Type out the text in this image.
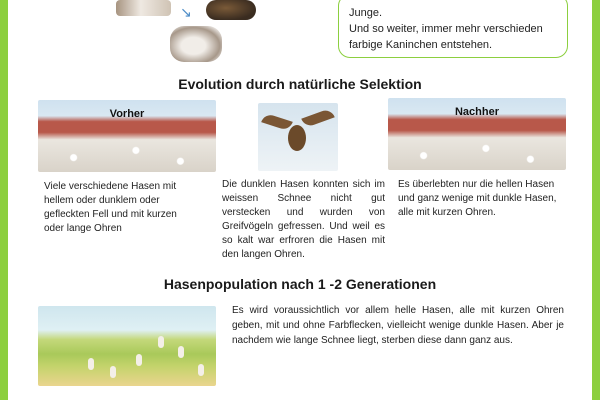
↘	Junge.
Und so weiter, immer mehr verschieden
farbige Kaninchen entstehen.
Evolution durch natürliche Selektion
Vorher	Nachher
Viele verschiedene Hasen mit hellem oder dunklem oder gefleckten Fell und mit kurzen oder lange Ohren
Die dunklen Hasen konnten sich im weissen Schnee nicht gut verstecken und wurden von Greifvögeln gefressen. Und weil es so kalt war erfroren die Hasen mit den langen Ohren.
Es überlebten nur die hellen Hasen und ganz wenige mit dunkle Hasen, alle mit kurzen Ohren.
Hasenpopulation nach 1 -2 Generationen
Es wird voraussichtlich vor allem helle Hasen, alle mit kurzen Ohren geben, mit und ohne Farbflecken, vielleicht wenige dunkle Hasen. Aber je nachdem wie lange Schnee liegt, sterben diese dann ganz aus.
